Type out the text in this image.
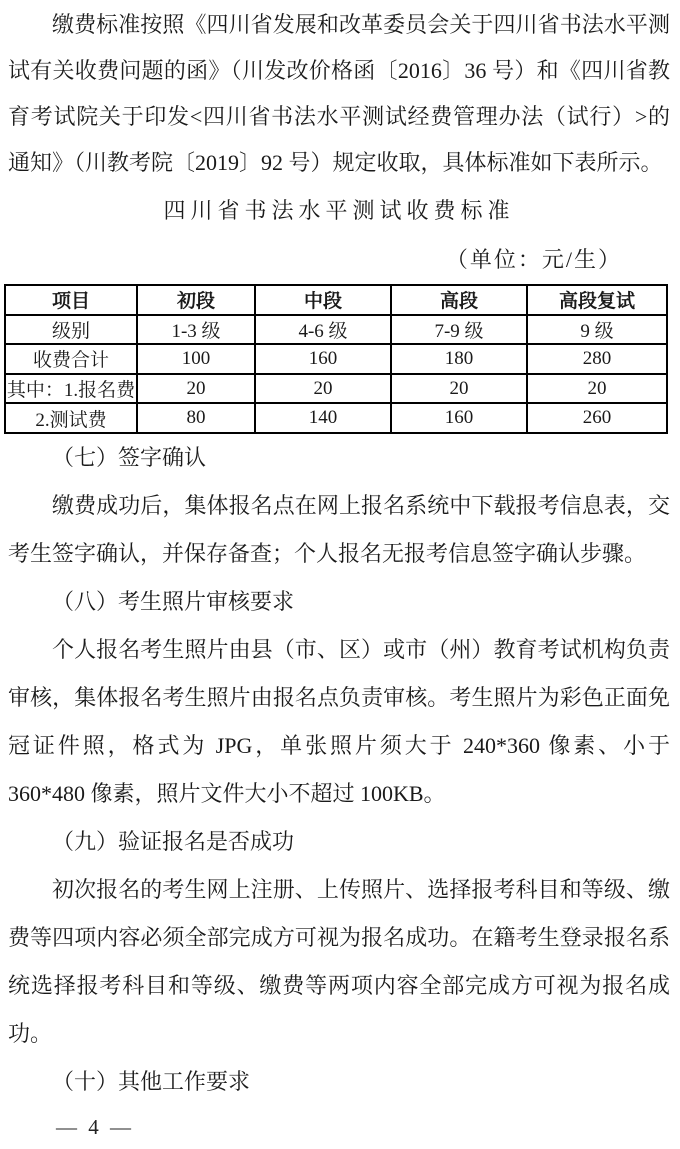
缴费标准按照《四川省发展和改革委员会关于四川省书法水平测试有关收费问题的函》（川发改价格函〔2016〕36 号）和《四川省教育考试院关于印发<四川省书法水平测试经费管理办法（试行）>的通知》（川教考院〔2019〕92 号）规定收取，具体标准如下表所示。

四川省书法水平测试收费标准

（单位：元/生）

项目	初段	中段	高段	高段复试
级别	1-3 级	4-6 级	7-9 级	9 级
收费合计	100	160	180	280
其中：1.报名费	20	20	20	20
2.测试费	80	140	160	260

（七）签字确认

缴费成功后，集体报名点在网上报名系统中下载报考信息表，交考生签字确认，并保存备查；个人报名无报考信息签字确认步骤。

（八）考生照片审核要求

个人报名考生照片由县（市、区）或市（州）教育考试机构负责审核，集体报名考生照片由报名点负责审核。考生照片为彩色正面免冠证件照，格式为 JPG，单张照片须大于 240*360 像素、小于 360*480 像素，照片文件大小不超过 100KB。

（九）验证报名是否成功

初次报名的考生网上注册、上传照片、选择报考科目和等级、缴费等四项内容必须全部完成方可视为报名成功。在籍考生登录报名系统选择报考科目和等级、缴费等两项内容全部完成方可视为报名成功。

（十）其他工作要求

— 4 —
